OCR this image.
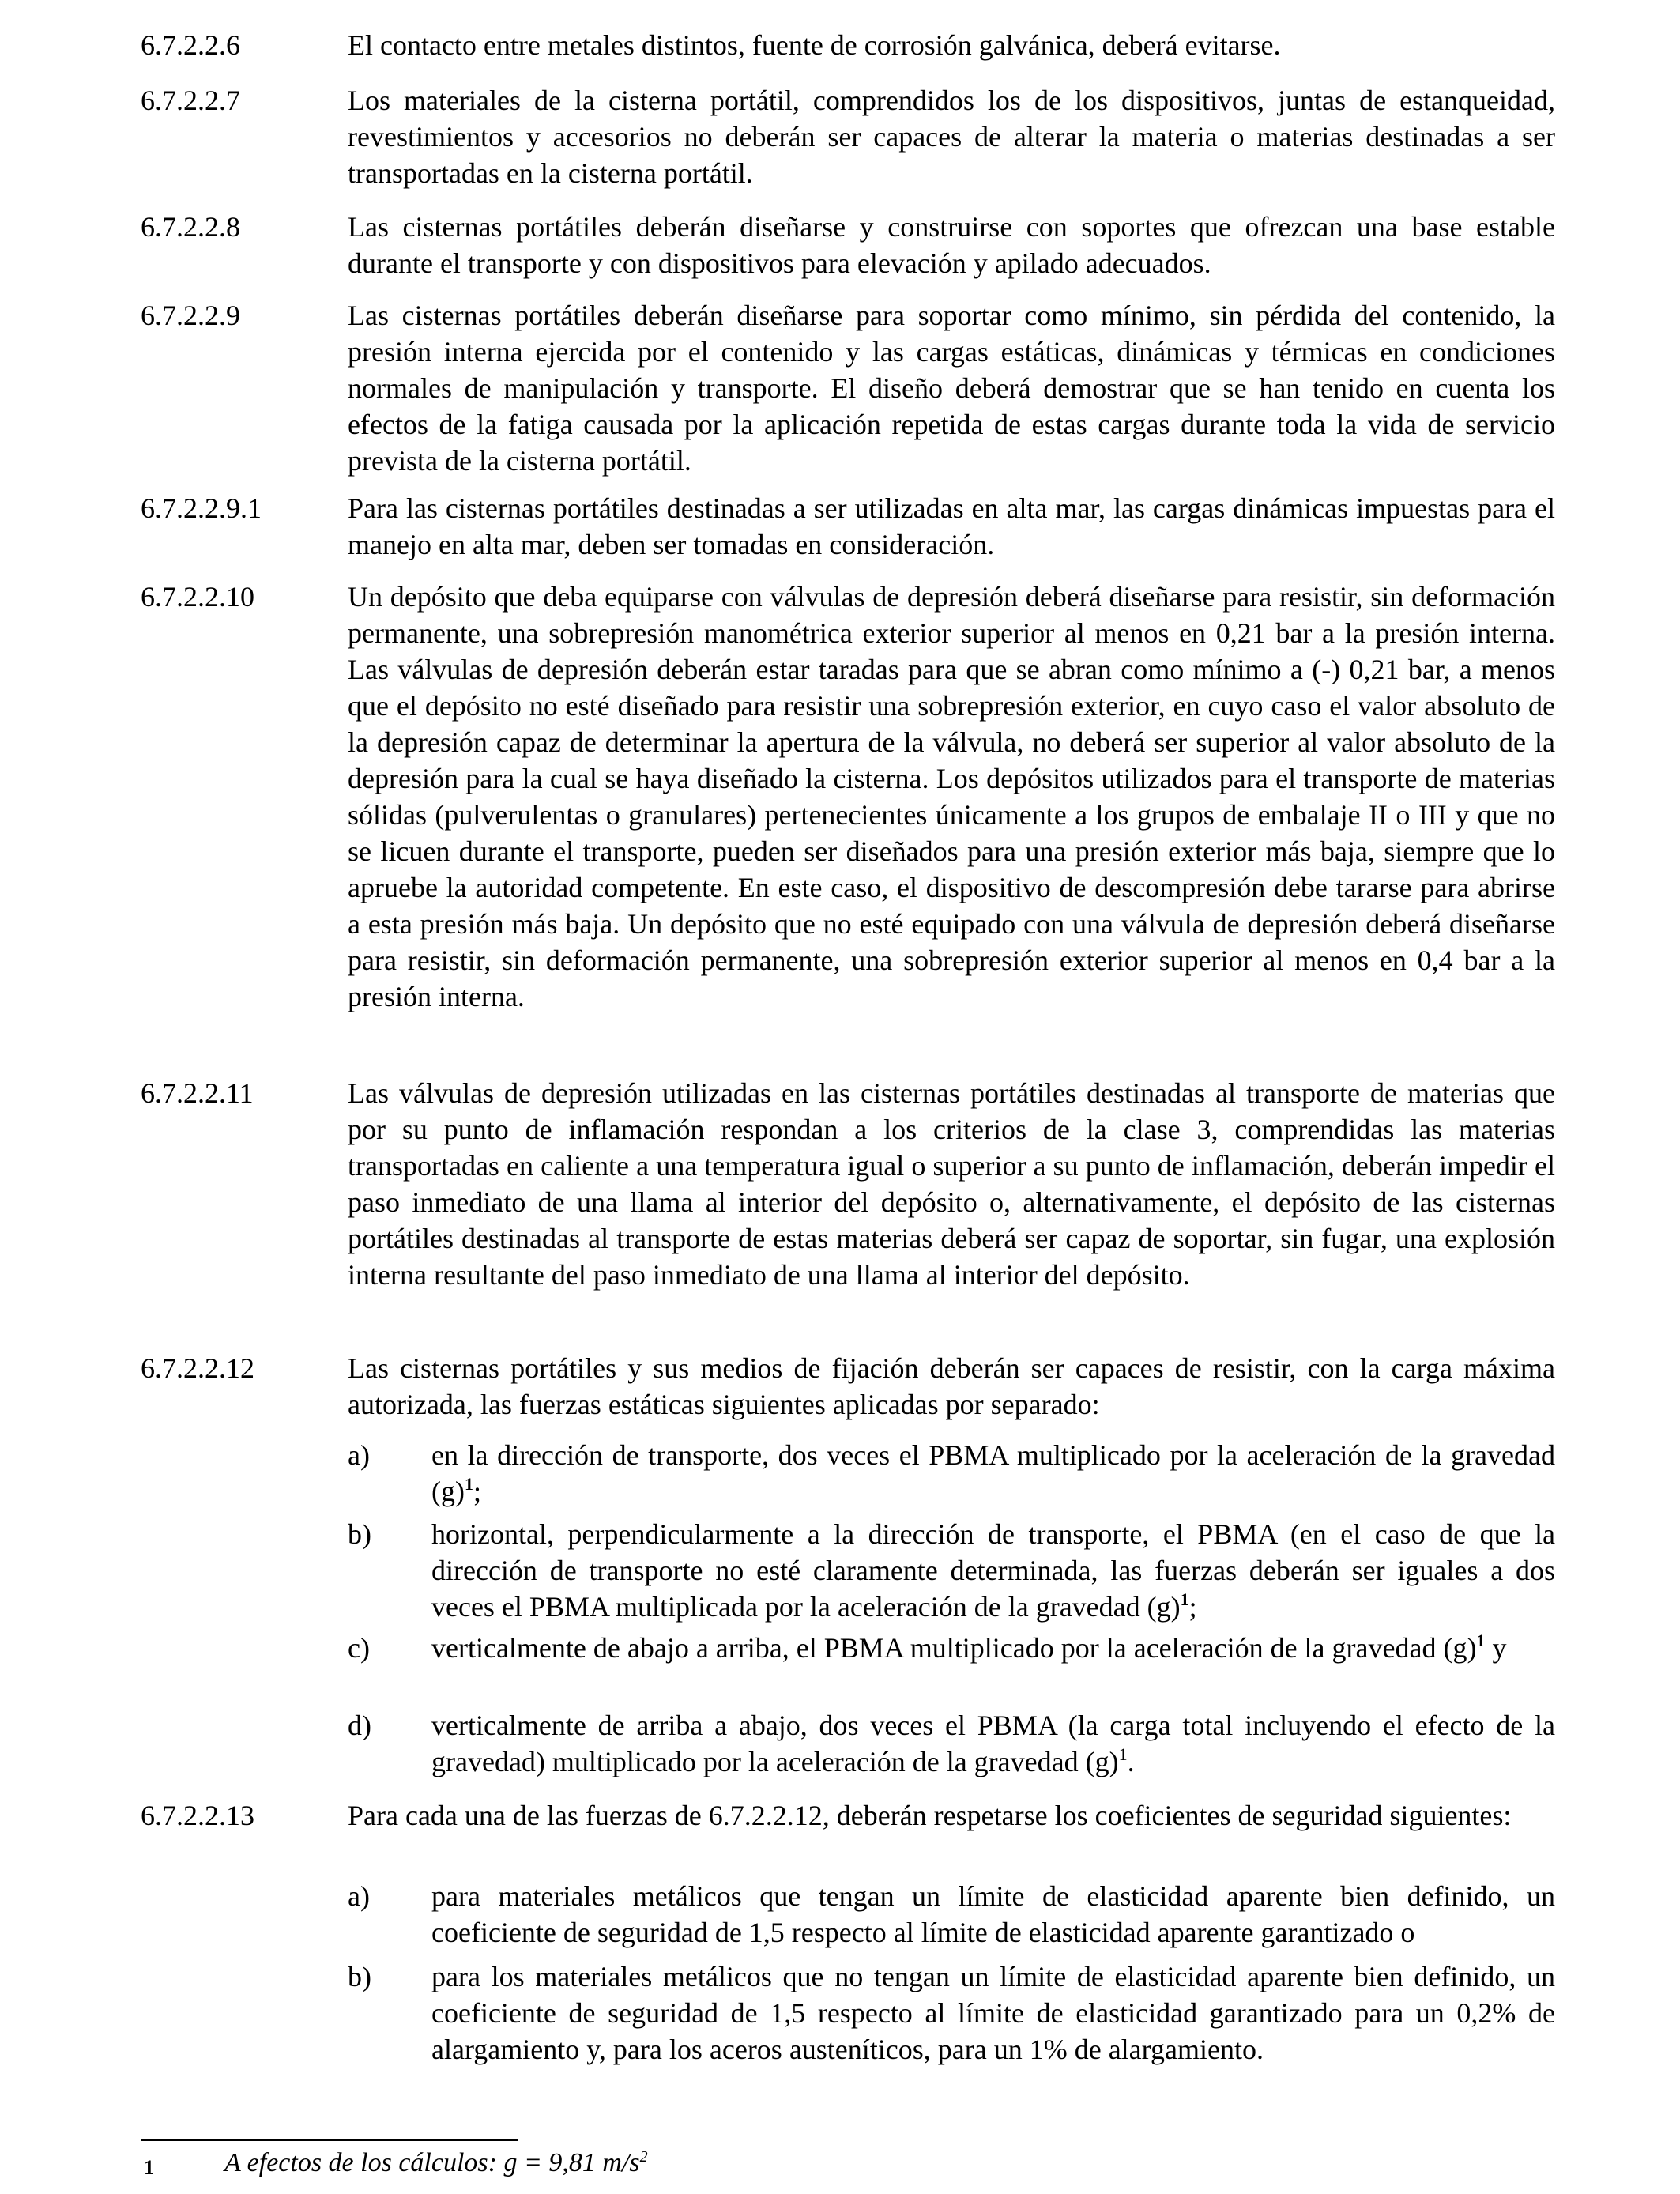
6.7.2.2.6	El contacto entre metales distintos, fuente de corrosión galvánica, deberá evitarse.
6.7.2.2.7	Los materiales de la cisterna portátil, comprendidos los de los dispositivos, juntas de estanqueidad, revestimientos y accesorios no deberán ser capaces de alterar la materia o materias destinadas a ser transportadas en la cisterna portátil.
6.7.2.2.8	Las cisternas portátiles deberán diseñarse y construirse con soportes que ofrezcan una base estable durante el transporte y con dispositivos para elevación y apilado adecuados.
6.7.2.2.9	Las cisternas portátiles deberán diseñarse para soportar como mínimo, sin pérdida del contenido, la presión interna ejercida por el contenido y las cargas estáticas, dinámicas y térmicas en condiciones normales de manipulación y transporte. El diseño deberá demostrar que se han tenido en cuenta los efectos de la fatiga causada por la aplicación repetida de estas cargas durante toda la vida de servicio prevista de la cisterna portátil.
6.7.2.2.9.1	Para las cisternas portátiles destinadas a ser utilizadas en alta mar, las cargas dinámicas impuestas para el manejo en alta mar, deben ser tomadas en consideración.
6.7.2.2.10	Un depósito que deba equiparse con válvulas de depresión deberá diseñarse para resistir, sin deformación permanente, una sobrepresión manométrica exterior superior al menos en 0,21 bar a la presión interna. Las válvulas de depresión deberán estar taradas para que se abran como mínimo a (-) 0,21 bar, a menos que el depósito no esté diseñado para resistir una sobrepresión exterior, en cuyo caso el valor absoluto de la depresión capaz de determinar la apertura de la válvula, no deberá ser superior al valor absoluto de la depresión para la cual se haya diseñado la cisterna. Los depósitos utilizados para el transporte de materias sólidas (pulverulentas o granulares) pertenecientes únicamente a los grupos de embalaje II o III y que no se licuen durante el transporte, pueden ser diseñados para una presión exterior más baja, siempre que lo apruebe la autoridad competente. En este caso, el dispositivo de descompresión debe tararse para abrirse a esta presión más baja. Un depósito que no esté equipado con una válvula de depresión deberá diseñarse para resistir, sin deformación permanente, una sobrepresión exterior superior al menos en 0,4 bar a la presión interna.
6.7.2.2.11	Las válvulas de depresión utilizadas en las cisternas portátiles destinadas al transporte de materias que por su punto de inflamación respondan a los criterios de la clase 3, comprendidas las materias transportadas en caliente a una temperatura igual o superior a su punto de inflamación, deberán impedir el paso inmediato de una llama al interior del depósito o, alternativamente, el depósito de las cisternas portátiles destinadas al transporte de estas materias deberá ser capaz de soportar, sin fugar, una explosión interna resultante del paso inmediato de una llama al interior del depósito.
6.7.2.2.12	Las cisternas portátiles y sus medios de fijación deberán ser capaces de resistir, con la carga máxima autorizada, las fuerzas estáticas siguientes aplicadas por separado:
a) en la dirección de transporte, dos veces el PBMA multiplicado por la aceleración de la gravedad $(g)^1$;
b) horizontal, perpendicularmente a la dirección de transporte, el PBMA (en el caso de que la dirección de transporte no esté claramente determinada, las fuerzas deberán ser iguales a dos veces el PBMA multiplicada por la aceleración de la gravedad $(g)^1$;
c) verticalmente de abajo a arriba, el PBMA multiplicado por la aceleración de la gravedad $(g)^1$ y
d) verticalmente de arriba a abajo, dos veces el PBMA (la carga total incluyendo el efecto de la gravedad) multiplicado por la aceleración de la gravedad $(g)^1$.
6.7.2.2.13	Para cada una de las fuerzas de 6.7.2.2.12, deberán respetarse los coeficientes de seguridad siguientes:
a) para materiales metálicos que tengan un límite de elasticidad aparente bien definido, un coeficiente de seguridad de 1,5 respecto al límite de elasticidad aparente garantizado o
b) para los materiales metálicos que no tengan un límite de elasticidad aparente bien definido, un coeficiente de seguridad de 1,5 respecto al límite de elasticidad garantizado para un 0,2% de alargamiento y, para los aceros austeníticos, para un 1% de alargamiento.
1	A efectos de los cálculos: g = 9,81 $m/s^2$
